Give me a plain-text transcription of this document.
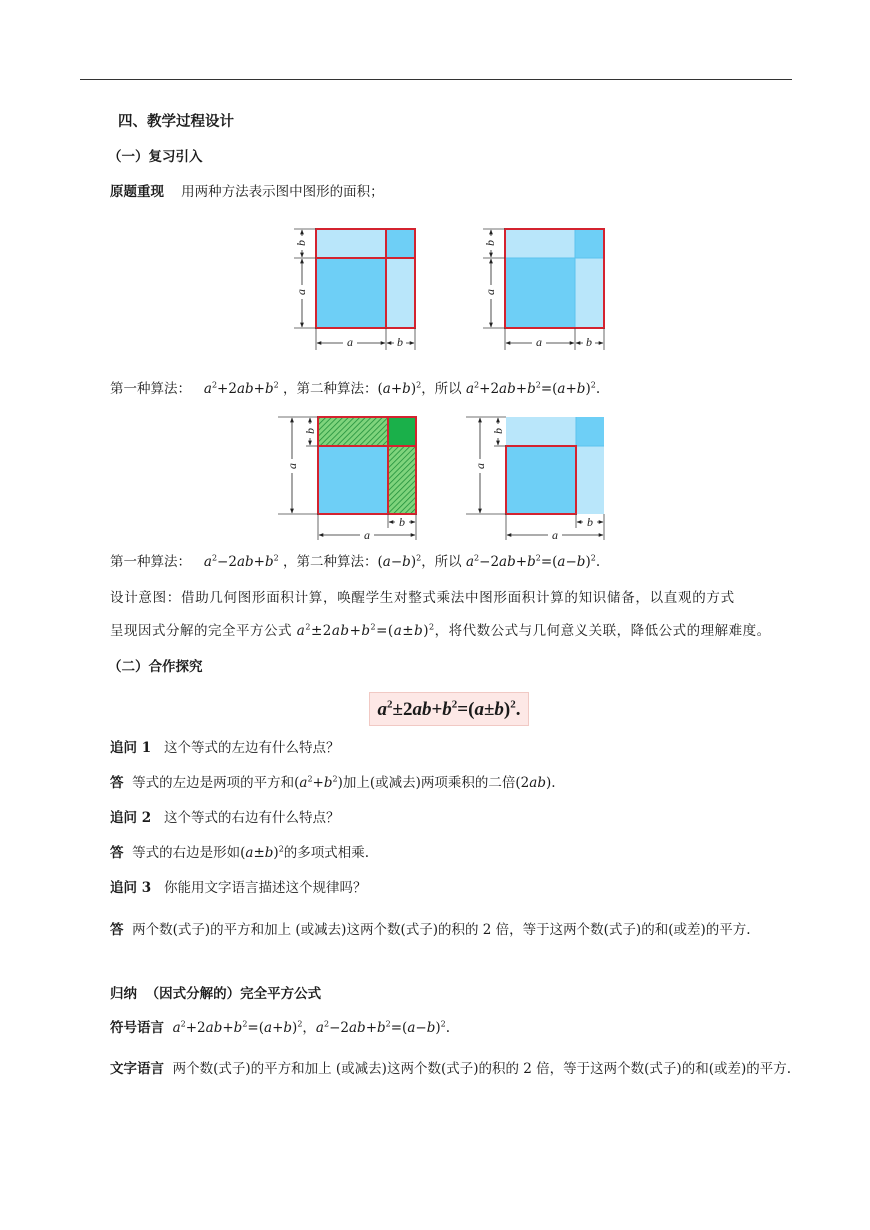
四、教学过程设计
（一）复习引入
原题重现 用两种方法表示图中图形的面积；
b
a
a	b
b
a
a	b
第一种算法： $a^2+2ab+b^2$ ，第二种算法：$(a+b)^2$，所以 $a^2+2ab+b^2=(a+b)^2$.
b
a
b
a
b
a
b
a
第一种算法： $a^2-2ab+b^2$ ，第二种算法：$(a-b)^2$，所以 $a^2-2ab+b^2=(a-b)^2$.
设计意图：借助几何图形面积计算，唤醒学生对整式乘法中图形面积计算的知识储备，以直观的方式
呈现因式分解的完全平方公式 $a^2\pm 2ab+b^2=(a\pm b)^2$，将代数公式与几何意义关联，降低公式的理解难度。
（二）合作探究
$a^2\pm 2ab+b^2=(a\pm b)^2$.
追问 1 这个等式的左边有什么特点？
答 等式的左边是两项的平方和$(a^2+b^2)$加上(或减去)两项乘积的二倍(2ab).
追问 2 这个等式的右边有什么特点？
答 等式的右边是形如$(a\pm b)^2$的多项式相乘.
追问 3 你能用文字语言描述这个规律吗？
答 两个数(式子)的平方和加上 (或减去)这两个数(式子)的积的 2 倍，等于这两个数(式子)的和(或差)的平方.
归纳 （因式分解的）完全平方公式
符号语言 $a^2+2ab+b^2=(a+b)^2$，$a^2-2ab+b^2=(a-b)^2$.
文字语言 两个数(式子)的平方和加上 (或减去)这两个数(式子)的积的 2 倍，等于这两个数(式子)的和(或差)的平方.
